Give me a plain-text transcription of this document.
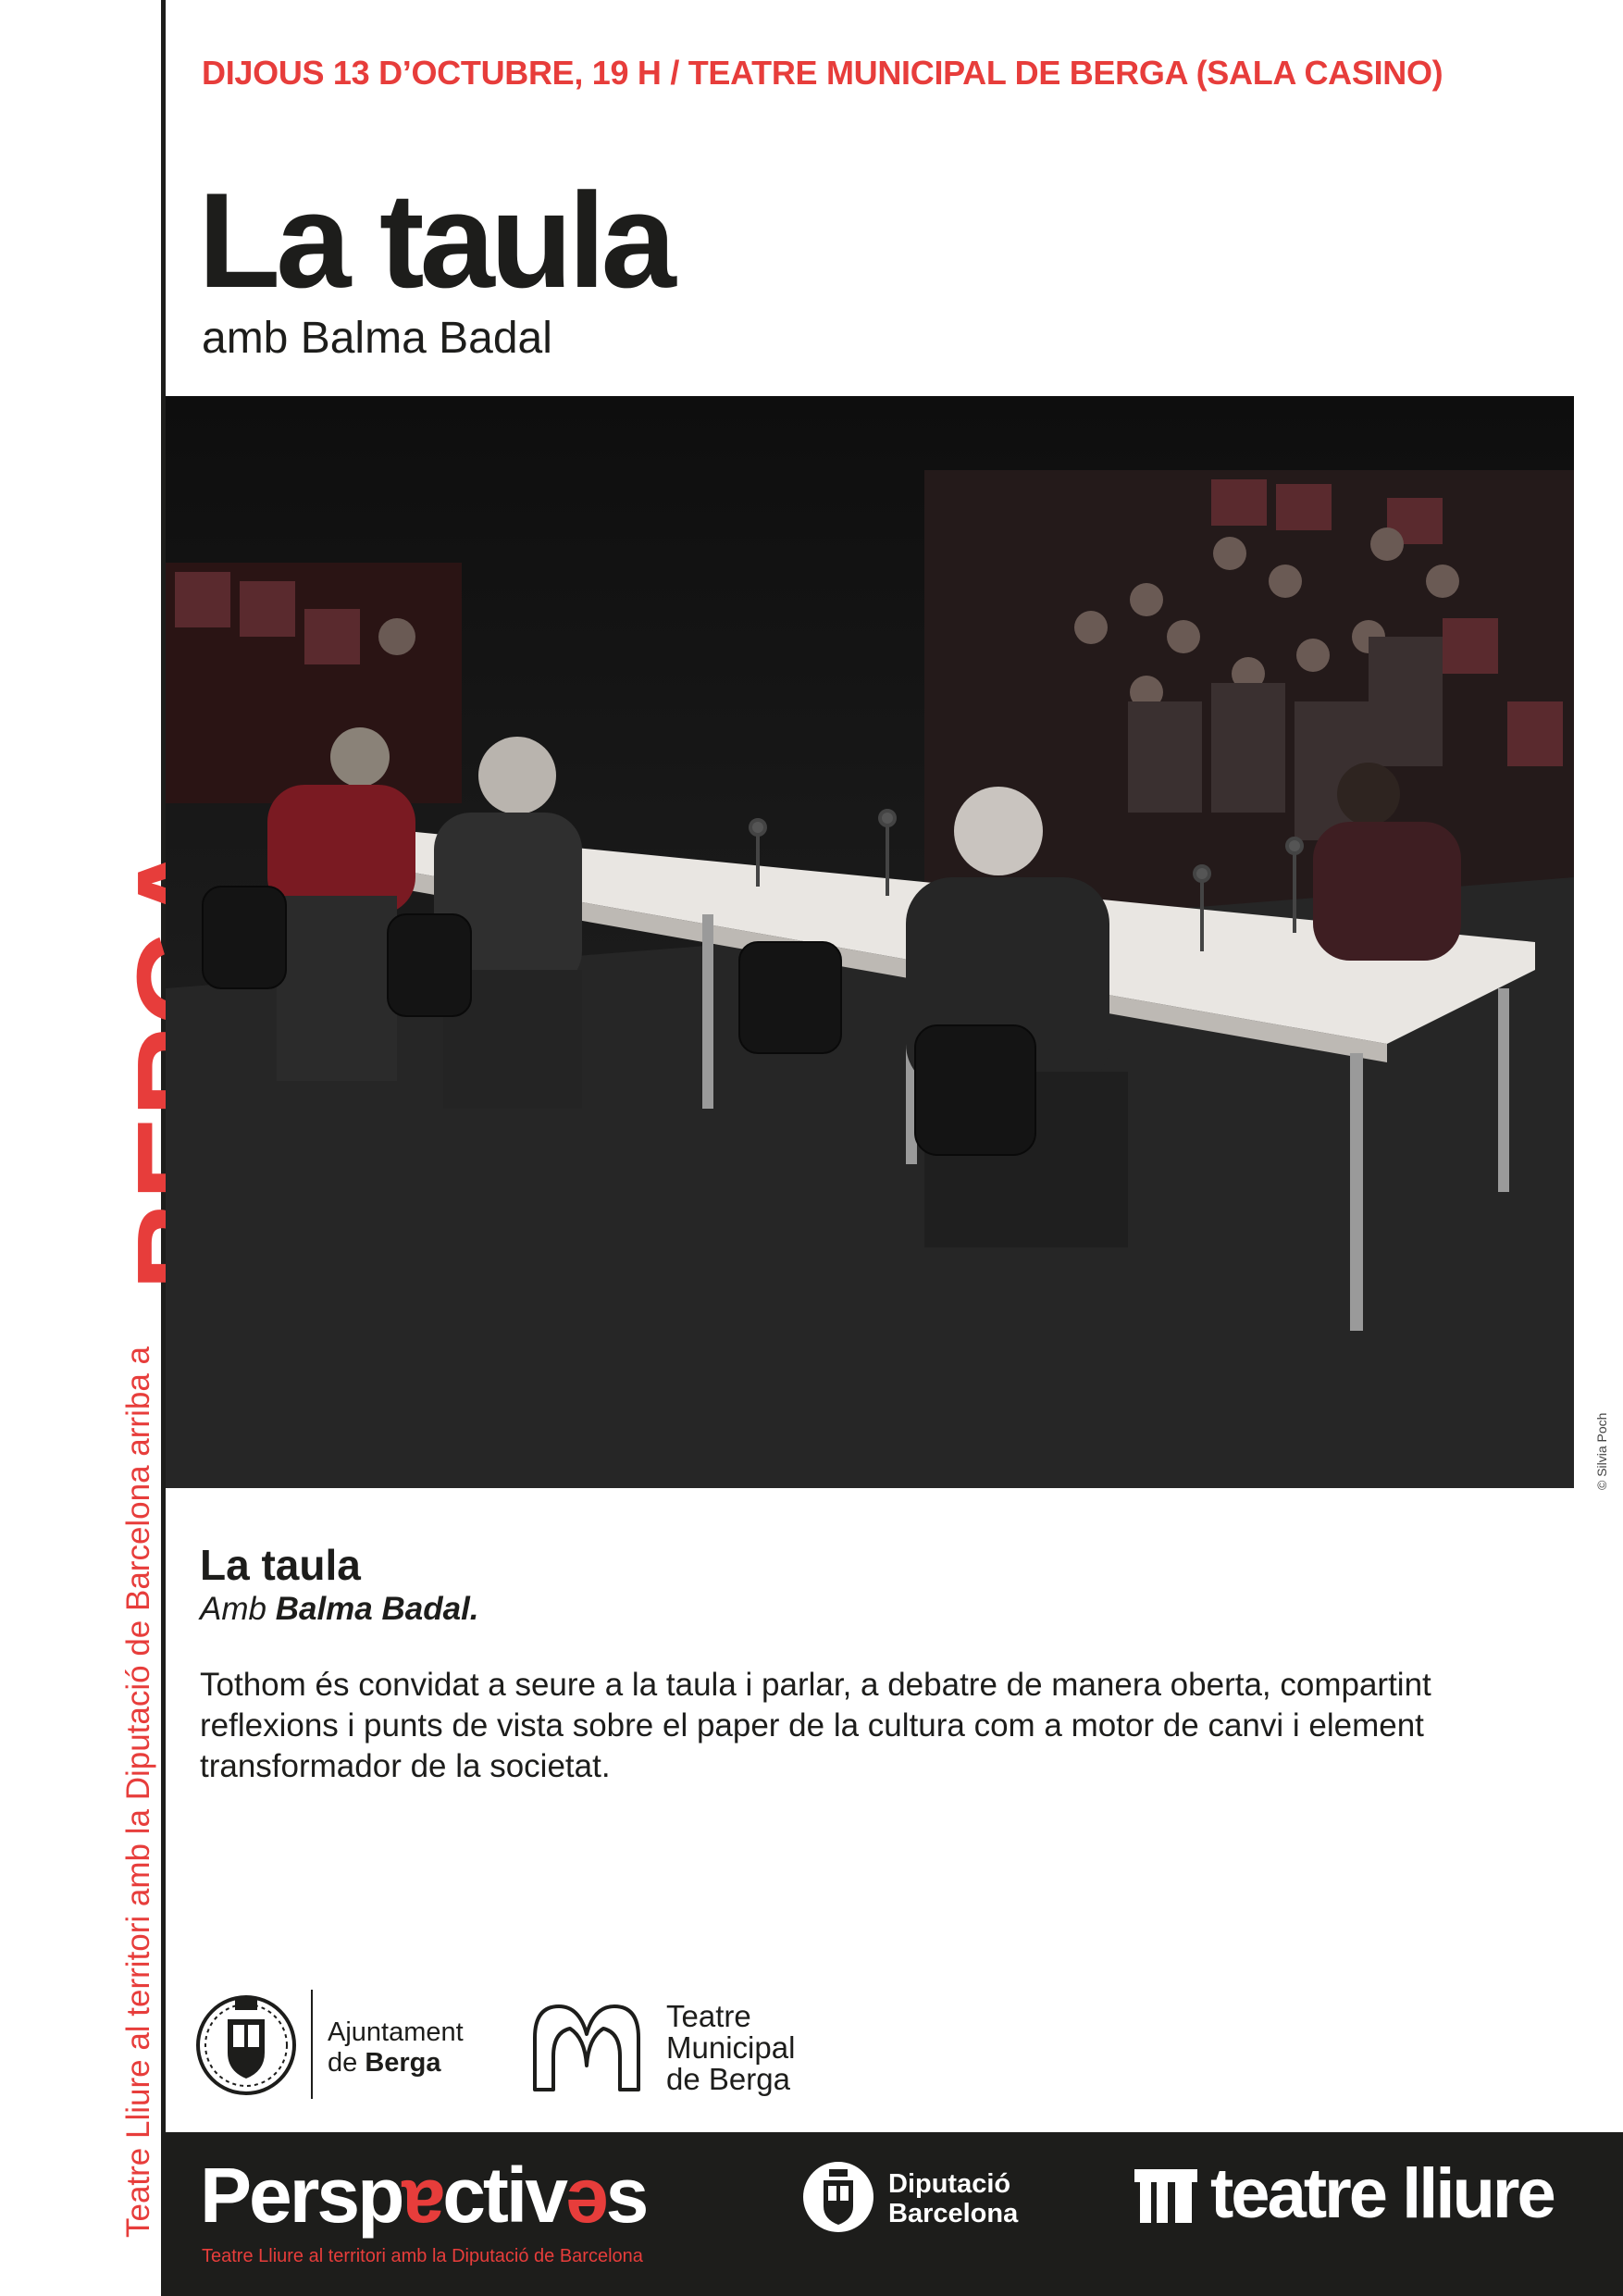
Teatre Lliure al territori amb la Diputació de Barcelona arriba a
DIJOUS 13 D’OCTUBRE, 19 H / TEATRE MUNICIPAL DE BERGA (SALA CASINO)
La taula
amb Balma Badal
© Silvia Poch
La taula
Amb Balma Badal.
Tothom és convidat a seure a la taula i parlar, a debatre de manera oberta, compartint reflexions i punts de vista sobre el paper de la cultura com a motor de canvi i element transformador de la societat.
Ajuntament
de Berga
Teatre
Municipal
de Berga
Perspɐctivəs
Teatre Lliure al territori amb la Diputació de Barcelona
Diputació
Barcelona	teatre lliure
